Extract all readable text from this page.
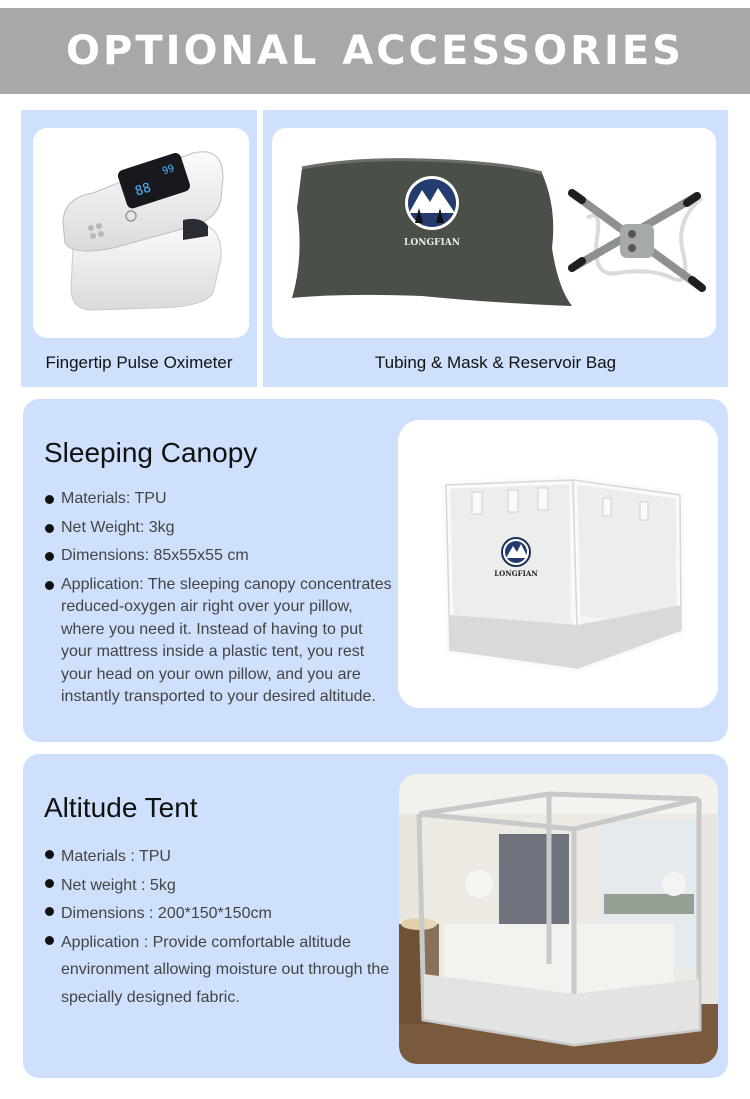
OPTIONAL ACCESSORIES
88
99
Fingertip Pulse Oximeter
LONGFIAN
Tubing & Mask & Reservoir Bag
Sleeping Canopy
Materials: TPU
Net Weight: 3kg
Dimensions: 85x55x55 cm
Application: The sleeping canopy concentrates reduced-oxygen air right over your pillow, where you need it. Instead of having to put your mattress inside a plastic tent, you rest your head on your own pillow, and you are instantly transported to your desired altitude.
LONGFIAN
Altitude Tent
Materials : TPU
Net weight : 5kg
Dimensions : 200*150*150cm
Application : Provide comfortable altitude environment allowing moisture out through the specially designed fabric.
